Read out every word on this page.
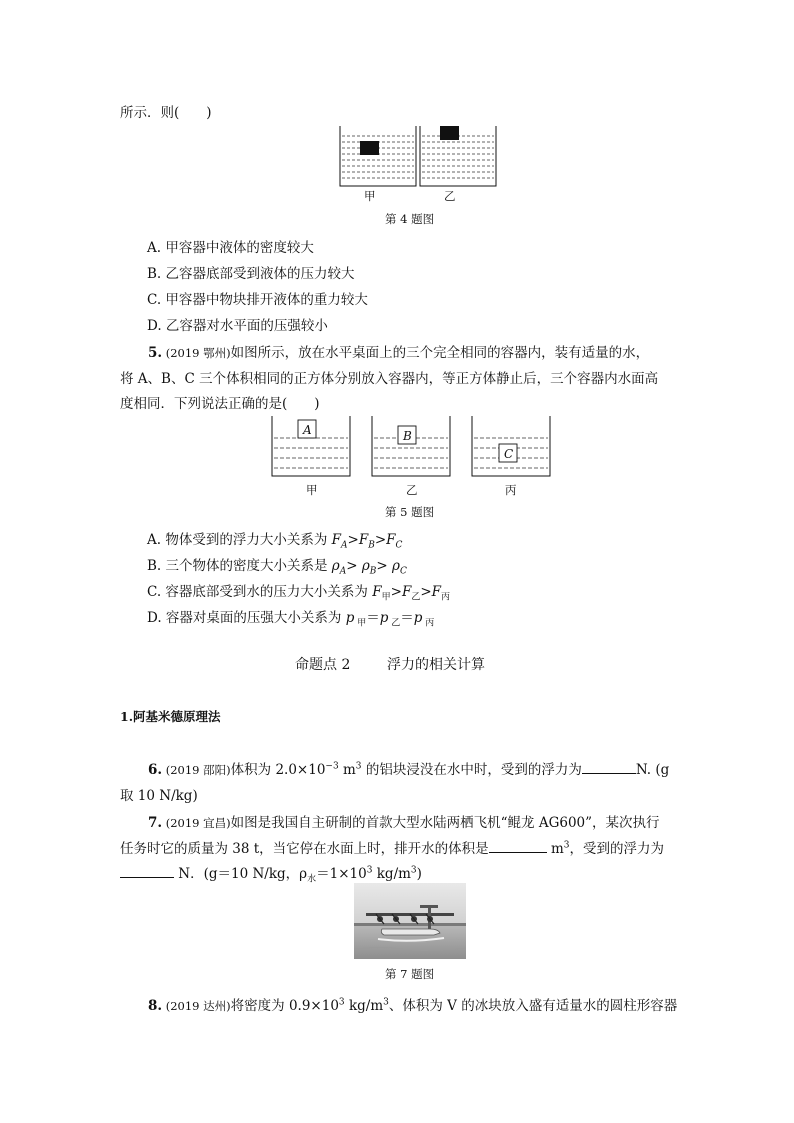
所示．则(　　)
甲	乙
第 4 题图
A. 甲容器中液体的密度较大
B. 乙容器底部受到液体的压力较大
C. 甲容器中物块排开液体的重力较大
D. 乙容器对水平面的压强较小
5. (2019 鄂州)如图所示，放在水平桌面上的三个完全相同的容器内，装有适量的水，
将 A、B、C 三个体积相同的正方体分别放入容器内，等正方体静止后，三个容器内水面高
度相同．下列说法正确的是(　　)
A	B
C
甲	乙	丙
第 5 题图
A. 物体受到的浮力大小关系为 $F_A>F_B>F_C$
B. 三个物体的密度大小关系是 $\rho_A> \rho_B> \rho_C$
C. 容器底部受到水的压力大小关系为 $F_甲>F_乙>F_丙$
D. 容器对桌面的压强大小关系为 p $_甲$＝p $_乙$＝p $_丙$
命题点 2	浮力的相关计算
1.阿基米德原理法
6. (2019 邵阳)体积为 $2.0\times 10^{-3}$ $m^3$ 的铝块浸没在水中时，受到的浮力为	N. (g
取 10 N/kg)
7. (2019 宜昌)如图是我国自主研制的首款大型水陆两栖飞机“鲲龙 AG600”，某次执行
任务时它的质量为 38 t，当它停在水面上时，排开水的体积是	$m^3$，受到的浮力为
N．(g＝10 N/kg，$\rho_水=1\times 10^3$ $kg/m^3$)
第 7 题图
8. (2019 达州)将密度为 $0.9\times 10^3$ $kg/m^3$、体积为 V 的冰块放入盛有适量水的圆柱形容器
